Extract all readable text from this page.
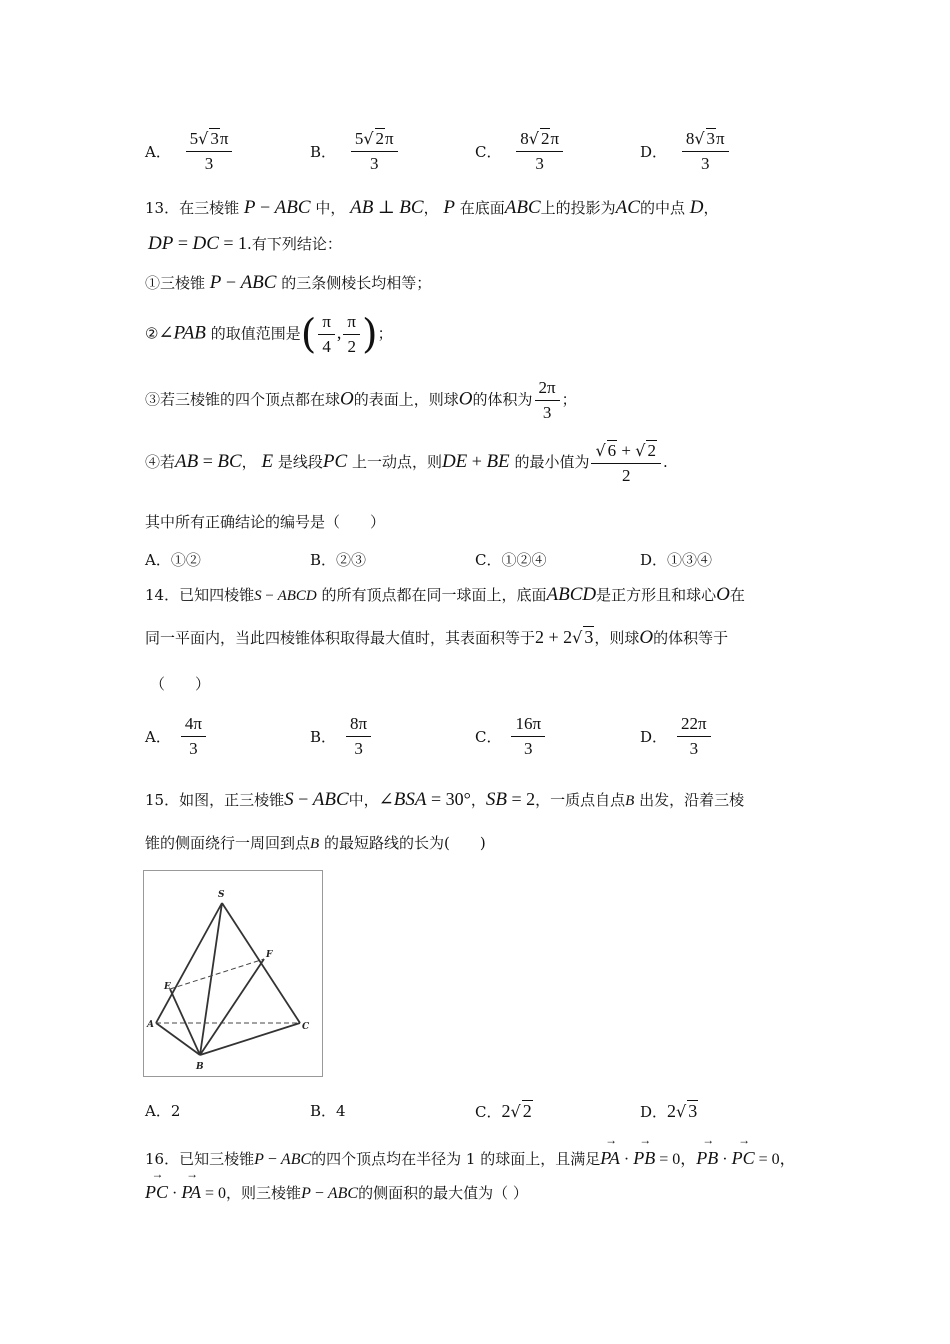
A． $\frac{5√ 3\pi}{3}$	B． $\frac{5√ 2\pi}{3}$	C． $\frac{8√ 2\pi}{3}$	D． $\frac{8√ 3\pi}{3}$
13．在三棱锥 P − ABC 中， AB ⊥ BC， P 在底面ABC上的投影为AC的中点 D，
DP = DC = 1.有下列结论：
①三棱锥 P − ABC 的三条侧棱长均相等；
②∠PAB 的取值范围是( $\frac{\pi}{4}$ , $\frac{\pi}{2}$ )；
③若三棱锥的四个顶点都在球O的表面上，则球O的体积为 $\frac{2\pi}{3}$ ；
④若AB = BC， E 是线段PC 上一动点，则DE + BE 的最小值为 $\frac{√ 6 + √ 2}{2}$ .
其中所有正确结论的编号是（　　）
A．①②	B．②③	C．①②④	D．①③④
14．已知四棱锥S − ABCD 的所有顶点都在同一球面上，底面ABCD是正方形且和球心O在
同一平面内，当此四棱锥体积取得最大值时，其表面积等于2 + 2√ 3，则球O的体积等于
（　　）
A． $\frac{4\pi}{3}$	B． $\frac{8\pi}{3}$	C． $\frac{16\pi}{3}$	D． $\frac{22\pi}{3}$
15．如图，正三棱锥S − ABC中，∠BSA = 30°，SB = 2，一质点自点B 出发，沿着三棱
锥的侧面绕行一周回到点B 的最短路线的长为(　　)
S
F
E
A	C
B
A．2	B．4	C．2√ 2	D．2√ 3
16．已知三棱锥P − ABC的四个顶点均在半径为 1 的球面上，且满足→ PA · → PB = 0，→ PB · → PC = 0，
→ PC · → PA = 0，则三棱锥P − ABC的侧面积的最大值为（ ）
